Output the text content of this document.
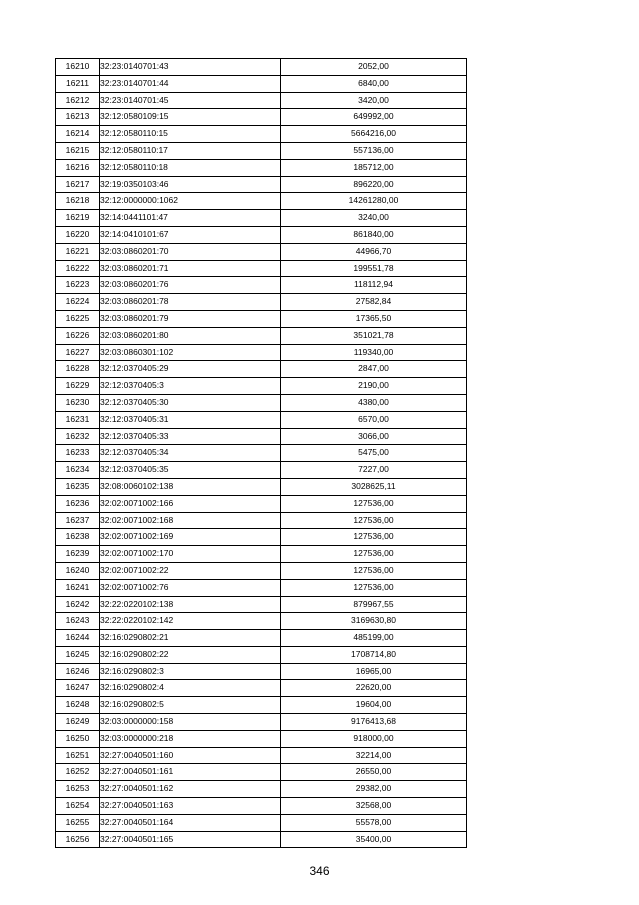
16210	32:23:0140701:43	2052,00
16211	32:23:0140701:44	6840,00
16212	32:23:0140701:45	3420,00
16213	32:12:0580109:15	649992,00
16214	32:12:0580110:15	5664216,00
16215	32:12:0580110:17	557136,00
16216	32:12:0580110:18	185712,00
16217	32:19:0350103:46	896220,00
16218	32:12:0000000:1062	14261280,00
16219	32:14:0441101:47	3240,00
16220	32:14:0410101:67	861840,00
16221	32:03:0860201:70	44966,70
16222	32:03:0860201:71	199551,78
16223	32:03:0860201:76	118112,94
16224	32:03:0860201:78	27582,84
16225	32:03:0860201:79	17365,50
16226	32:03:0860201:80	351021,78
16227	32:03:0860301:102	119340,00
16228	32:12:0370405:29	2847,00
16229	32:12:0370405:3	2190,00
16230	32:12:0370405:30	4380,00
16231	32:12:0370405:31	6570,00
16232	32:12:0370405:33	3066,00
16233	32:12:0370405:34	5475,00
16234	32:12:0370405:35	7227,00
16235	32:08:0060102:138	3028625,11
16236	32:02:0071002:166	127536,00
16237	32:02:0071002:168	127536,00
16238	32:02:0071002:169	127536,00
16239	32:02:0071002:170	127536,00
16240	32:02:0071002:22	127536,00
16241	32:02:0071002:76	127536,00
16242	32:22:0220102:138	879967,55
16243	32:22:0220102:142	3169630,80
16244	32:16:0290802:21	485199,00
16245	32:16:0290802:22	1708714,80
16246	32:16:0290802:3	16965,00
16247	32:16:0290802:4	22620,00
16248	32:16:0290802:5	19604,00
16249	32:03:0000000:158	9176413,68
16250	32:03:0000000:218	918000,00
16251	32:27:0040501:160	32214,00
16252	32:27:0040501:161	26550,00
16253	32:27:0040501:162	29382,00
16254	32:27:0040501:163	32568,00
16255	32:27:0040501:164	55578,00
16256	32:27:0040501:165	35400,00
346
